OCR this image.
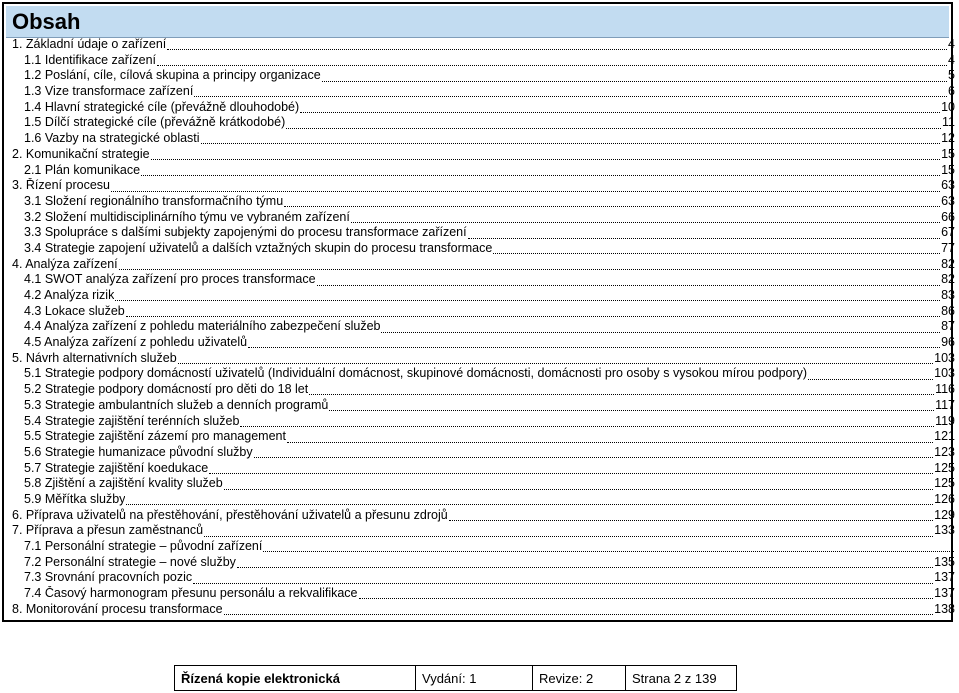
Obsah
1. Základní údaje o zařízení	4
1.1 Identifikace zařízení	4
1.2 Poslání, cíle, cílová skupina a principy organizace	5
1.3 Vize transformace zařízení	6
1.4 Hlavní strategické cíle (převážně dlouhodobé)	10
1.5 Dílčí strategické cíle (převážně krátkodobé)	11
1.6 Vazby na strategické oblasti	12
2. Komunikační strategie	15
2.1 Plán komunikace	15
3. Řízení procesu	63
3.1 Složení regionálního transformačního týmu	63
3.2 Složení multidisciplinárního týmu ve vybraném zařízení	66
3.3 Spolupráce s dalšími subjekty zapojenými do procesu transformace zařízení	67
3.4 Strategie zapojení uživatelů a dalších vztažných skupin do procesu transformace	77
4. Analýza zařízení	82
4.1 SWOT analýza zařízení pro proces transformace	82
4.2 Analýza rizik	83
4.3 Lokace služeb	86
4.4 Analýza zařízení z pohledu materiálního zabezpečení služeb	87
4.5 Analýza zařízení z pohledu uživatelů	96
5. Návrh alternativních služeb	103
5.1 Strategie podpory domácností uživatelů (Individuální domácnost, skupinové domácnosti, domácnosti pro osoby s vysokou mírou podpory)	103
5.2 Strategie podpory domácností pro děti do 18 let	116
5.3 Strategie ambulantních služeb a denních programů	117
5.4 Strategie zajištění terénních služeb	119
5.5 Strategie zajištění zázemí pro management	121
5.6 Strategie humanizace původní služby	123
5.7 Strategie zajištění koedukace	125
5.8 Zjištění a zajištění kvality služeb	125
5.9 Měřítka služby	126
6. Příprava uživatelů na přestěhování, přestěhování uživatelů a přesunu zdrojů	129
7. Příprava a přesun zaměstnanců	133
7.1 Personální strategie – původní zařízení
7.2 Personální strategie – nové služby	135
7.3 Srovnání pracovních pozic	137
7.4 Časový harmonogram přesunu personálu a rekvalifikace	137
8. Monitorování procesu transformace	138
Řízená kopie elektronická	Vydání: 1	Revize: 2	Strana 2 z 139
